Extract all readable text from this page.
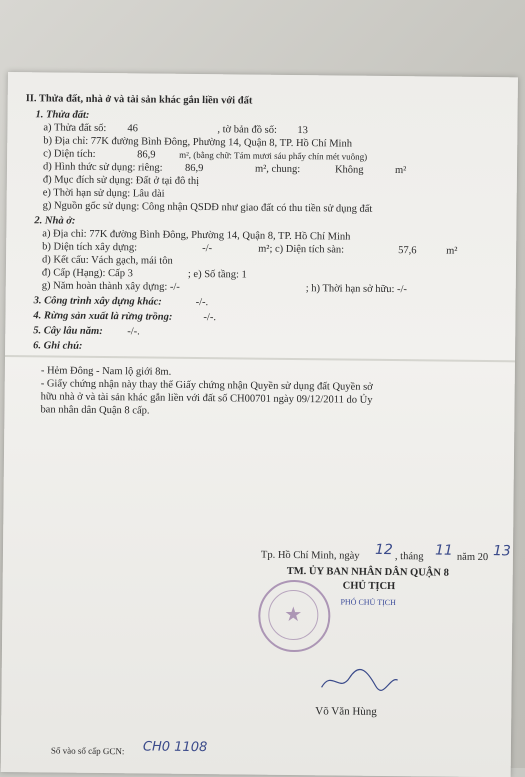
II. Thửa đất, nhà ở và tài sản khác gắn liền với đất
1. Thửa đất:
a) Thửa đất số: 46	, tờ bản đồ số: 13
b) Địa chỉ: 77K đường Bình Đông, Phường 14, Quận 8, TP. Hồ Chí Minh
c) Diện tích:	86,9	m², (bằng chữ: Tám mươi sáu phẩy chín mét vuông)
d) Hình thức sử dụng: riêng: 86,9	m², chung:	Không	m²
đ) Mục đích sử dụng: Đất ở tại đô thị
e) Thời hạn sử dụng: Lâu dài
g) Nguồn gốc sử dụng: Công nhận QSDĐ như giao đất có thu tiền sử dụng đất
2. Nhà ở:
a) Địa chỉ: 77K đường Bình Đông, Phường 14, Quận 8, TP. Hồ Chí Minh
b) Diện tích xây dựng:	-/-	m²; c) Diện tích sàn:	57,6	m²
d) Kết cấu: Vách gạch, mái tôn
đ) Cấp (Hạng): Cấp 3	; e) Số tầng: 1
g) Năm hoàn thành xây dựng: -/-	; h) Thời hạn sở hữu: -/-
3. Công trình xây dựng khác:	-/-.
4. Rừng sản xuất là rừng trồng:	-/-.
5. Cây lâu năm: -/-.
6. Ghi chú:
- Hẻm Đông - Nam lộ giới 8m.
- Giấy chứng nhận này thay thế Giấy chứng nhận Quyền sử dụng đất Quyền sở
hữu nhà ở và tài sản khác gắn liền với đất số CH00701 ngày 09/12/2011 do Ủy
ban nhân dân Quận 8 cấp.
Tp. Hồ Chí Minh, ngày 12 , tháng 11 năm 20 13
TM. ỦY BAN NHÂN DÂN QUẬN 8
CHỦ TỊCH
PHÓ CHỦ TỊCH
★
Võ Văn Hùng
Số vào sổ cấp GCN: CH0 1108
